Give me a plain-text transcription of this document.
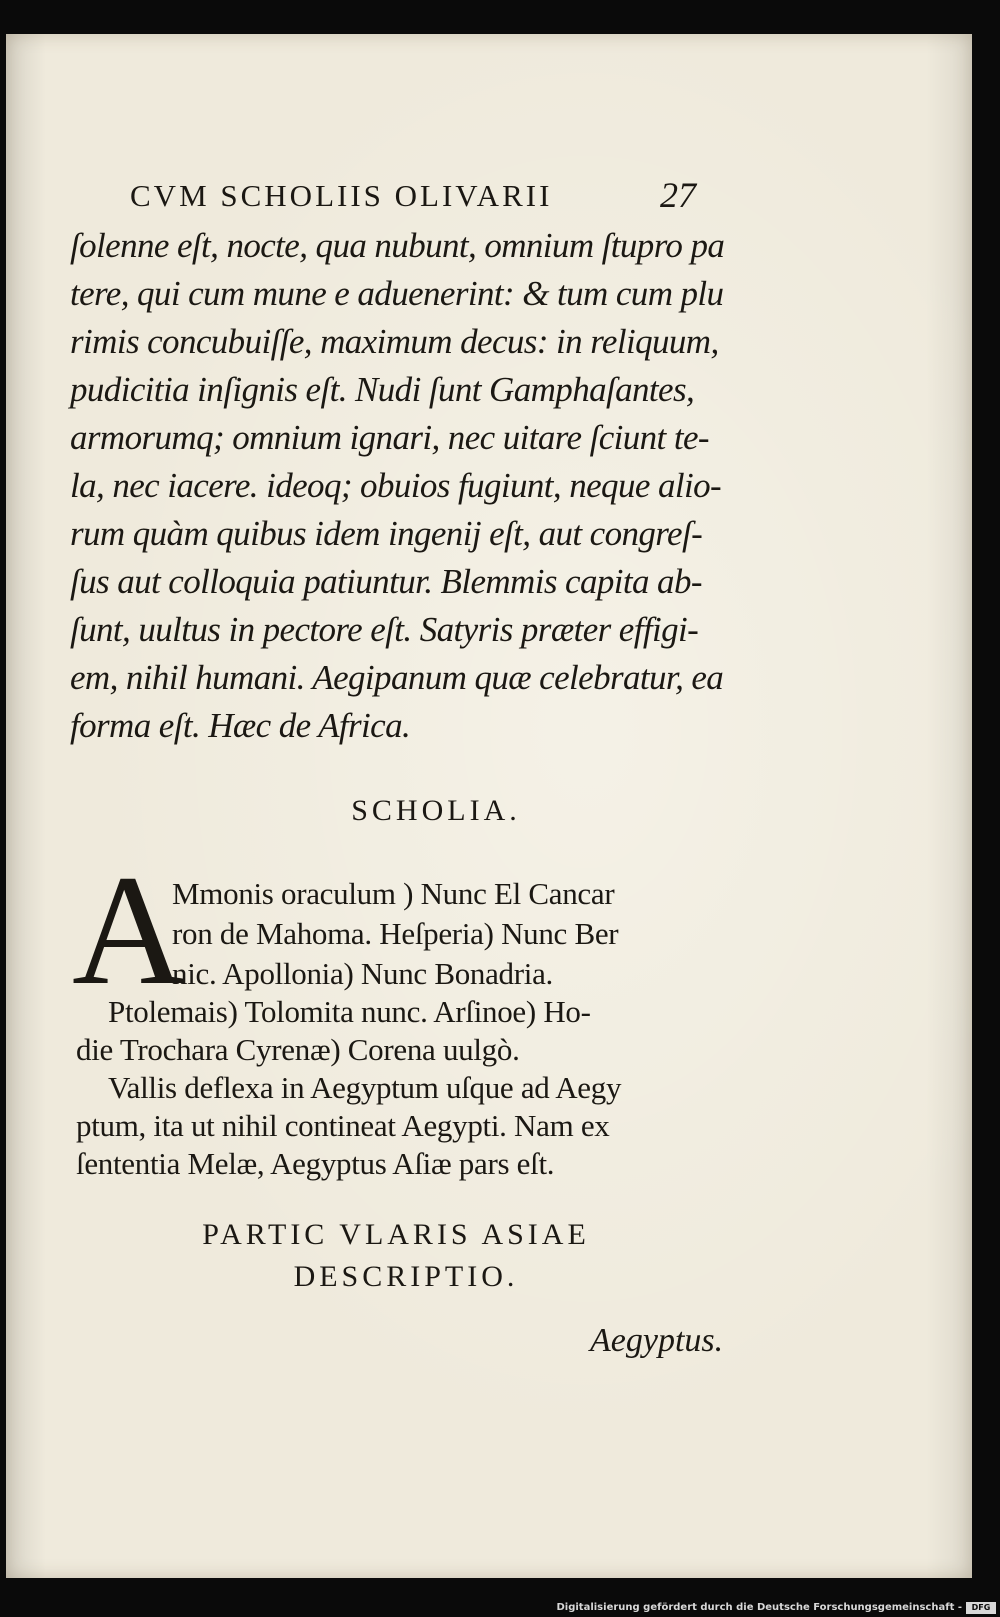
CVM SCHOLIIS OLIVARII	27
ſolenne eſt, nocte, qua nubunt, omnium ſtupro pa
tere, qui cum mune e aduenerint: & tum cum plu
rimis concubuiſſe, maximum decus: in reliquum,
pudicitia inſignis eſt. Nudi ſunt Gamphaſantes,
armorumq; omnium ignari, nec uitare ſciunt te-
la, nec iacere. ideoq; obuios fugiunt, neque alio-
rum quàm quibus idem ingenij eſt, aut congreſ-
ſus aut colloquia patiuntur. Blemmis capita ab-
ſunt, uultus in pectore eſt. Satyris præter effigi-
em, nihil humani. Aegipanum quæ celebratur, ea
forma eſt. Hæc de Africa.
SCHOLIA.
A
Mmonis oraculum ) Nunc El Cancar
ron de Mahoma. Heſperia) Nunc Ber
nic. Apollonia) Nunc Bonadria.
Ptolemais) Tolomita nunc. Arſinoe) Ho-
die Trochara Cyrenæ) Corena uulgò.
Vallis deflexa in Aegyptum uſque ad Aegy
ptum, ita ut nihil contineat Aegypti. Nam ex
ſententia Melæ, Aegyptus Aſiæ pars eſt.
PARTIC VLARIS ASIAE
DESCRIPTIO.
Aegyptus.
Digitalisierung gefördert durch die Deutsche Forschungsgemeinschaft -	DFG
